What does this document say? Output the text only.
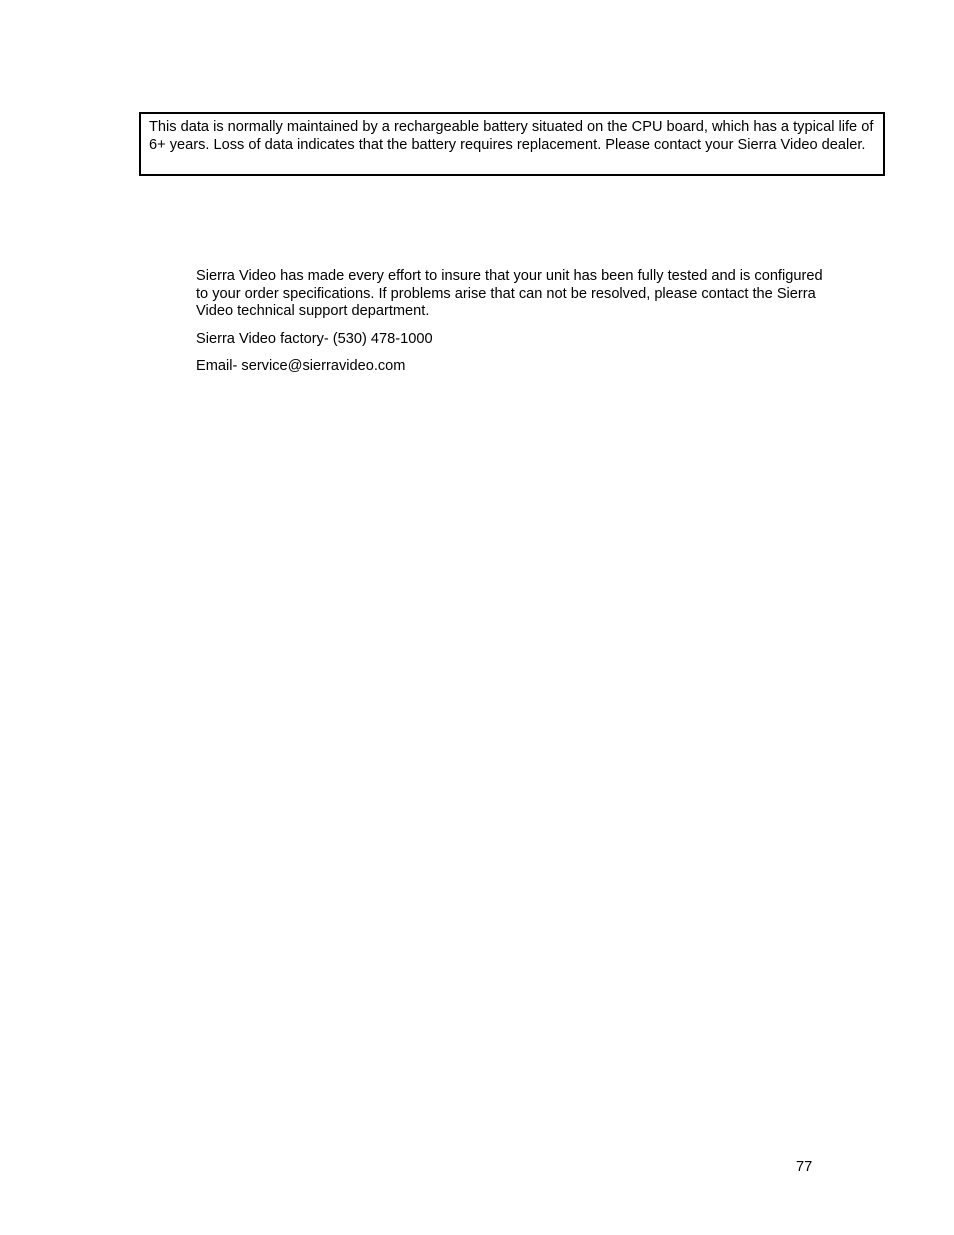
This data is normally maintained by a rechargeable battery situated on the CPU board, which has a typical life of 6+ years. Loss of data indicates that the battery requires replacement. Please contact your Sierra Video dealer.

Sierra Video has made every effort to insure that your unit has been fully tested and is configured to your order specifications. If problems arise that can not be resolved, please contact the Sierra Video technical support department.

Sierra Video factory- (530) 478-1000

Email- service@sierravideo.com

77
